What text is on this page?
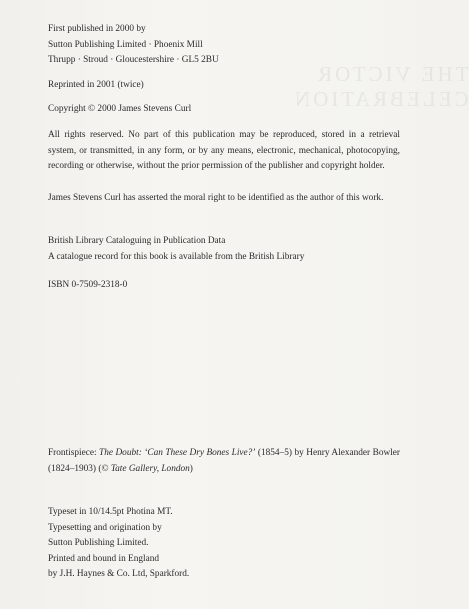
THE VICTOR
CELEBRATION
First published in 2000 by
Sutton Publishing Limited · Phoenix Mill
Thrupp · Stroud · Gloucestershire · GL5 2BU
Reprinted in 2001 (twice)
Copyright © 2000 James Stevens Curl
All rights reserved. No part of this publication may be reproduced, stored in a retrieval system, or transmitted, in any form, or by any means, electronic, mechanical, photocopying, recording or otherwise, without the prior permission of the publisher and copyright holder.
James Stevens Curl has asserted the moral right to be identified as the author of this work.
British Library Cataloguing in Publication Data
A catalogue record for this book is available from the British Library
ISBN 0-7509-2318-0
Frontispiece: The Doubt: ‘Can These Dry Bones Live?’ (1854–5) by Henry Alexander Bowler (1824–1903) (© Tate Gallery, London)
Typeset in 10/14.5pt Photina MT.
Typesetting and origination by
Sutton Publishing Limited.
Printed and bound in England
by J.H. Haynes & Co. Ltd, Sparkford.
